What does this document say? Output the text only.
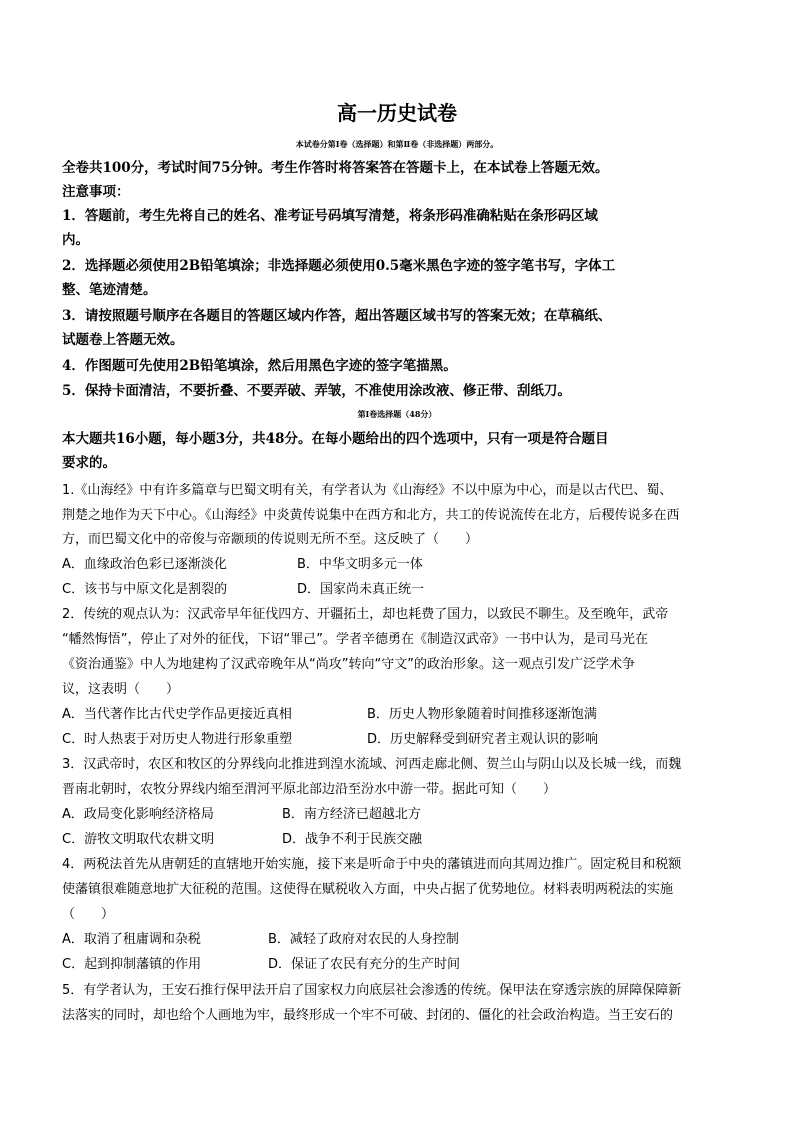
高一历史试卷
本试卷分第Ⅰ卷（选择题）和第Ⅱ卷（非选择题）两部分。
全卷共100分，考试时间75分钟。考生作答时将答案答在答题卡上，在本试卷上答题无效。
注意事项：
1．答题前，考生先将自己的姓名、准考证号码填写清楚，将条形码准确粘贴在条形码区域
内。
2．选择题必须使用2B铅笔填涂；非选择题必须使用0.5毫米黑色字迹的签字笔书写，字体工
整、笔迹清楚。
3．请按照题号顺序在各题目的答题区域内作答，超出答题区域书写的答案无效；在草稿纸、
试题卷上答题无效。
4．作图题可先使用2B铅笔填涂，然后用黑色字迹的签字笔描黑。
5．保持卡面清洁，不要折叠、不要弄破、弄皱，不准使用涂改液、修正带、刮纸刀。
第Ⅰ卷选择题（48分）
本大题共16小题，每小题3分，共48分。在每小题给出的四个选项中，只有一项是符合题目
要求的。
1.《山海经》中有许多篇章与巴蜀文明有关，有学者认为《山海经》不以中原为中心，而是以古代巴、蜀、
荆楚之地作为天下中心。《山海经》中炎黄传说集中在西方和北方，共工的传说流传在北方，后稷传说多在西
方，而巴蜀文化中的帝俊与帝颛顼的传说则无所不至。这反映了（　　）
A．血缘政治色彩已逐渐淡化	B．中华文明多元一体
C．该书与中原文化是割裂的	D．国家尚未真正统一
2．传统的观点认为：汉武帝早年征伐四方、开疆拓土，却也耗费了国力，以致民不聊生。及至晚年，武帝
“幡然悔悟”，停止了对外的征伐，下诏“罪己”。学者辛德勇在《制造汉武帝》一书中认为，是司马光在
《资治通鉴》中人为地建构了汉武帝晚年从“尚攻”转向“守文”的政治形象。这一观点引发广泛学术争
议，这表明（　　）
A．当代著作比古代史学作品更接近真相	B．历史人物形象随着时间推移逐渐饱满
C．时人热衷于对历史人物进行形象重塑	D．历史解释受到研究者主观认识的影响
3．汉武帝时，农区和牧区的分界线向北推进到湟水流域、河西走廊北侧、贺兰山与阴山以及长城一线，而魏
晋南北朝时，农牧分界线内缩至渭河平原北部边沿至汾水中游一带。据此可知（　　）
A．政局变化影响经济格局	B．南方经济已超越北方
C．游牧文明取代农耕文明	D．战争不利于民族交融
4．两税法首先从唐朝廷的直辖地开始实施，接下来是听命于中央的藩镇进而向其周边推广。固定税目和税额
使藩镇很难随意地扩大征税的范围。这使得在赋税收入方面，中央占据了优势地位。材料表明两税法的实施
（　　）
A．取消了租庸调和杂税	B．减轻了政府对农民的人身控制
C．起到抑制藩镇的作用	D．保证了农民有充分的生产时间
5．有学者认为，王安石推行保甲法开启了国家权力向底层社会渗透的传统。保甲法在穿透宗族的屏障保障新
法落实的同时，却也给个人画地为牢，最终形成一个牢不可破、封闭的、僵化的社会政治构造。当王安石的
